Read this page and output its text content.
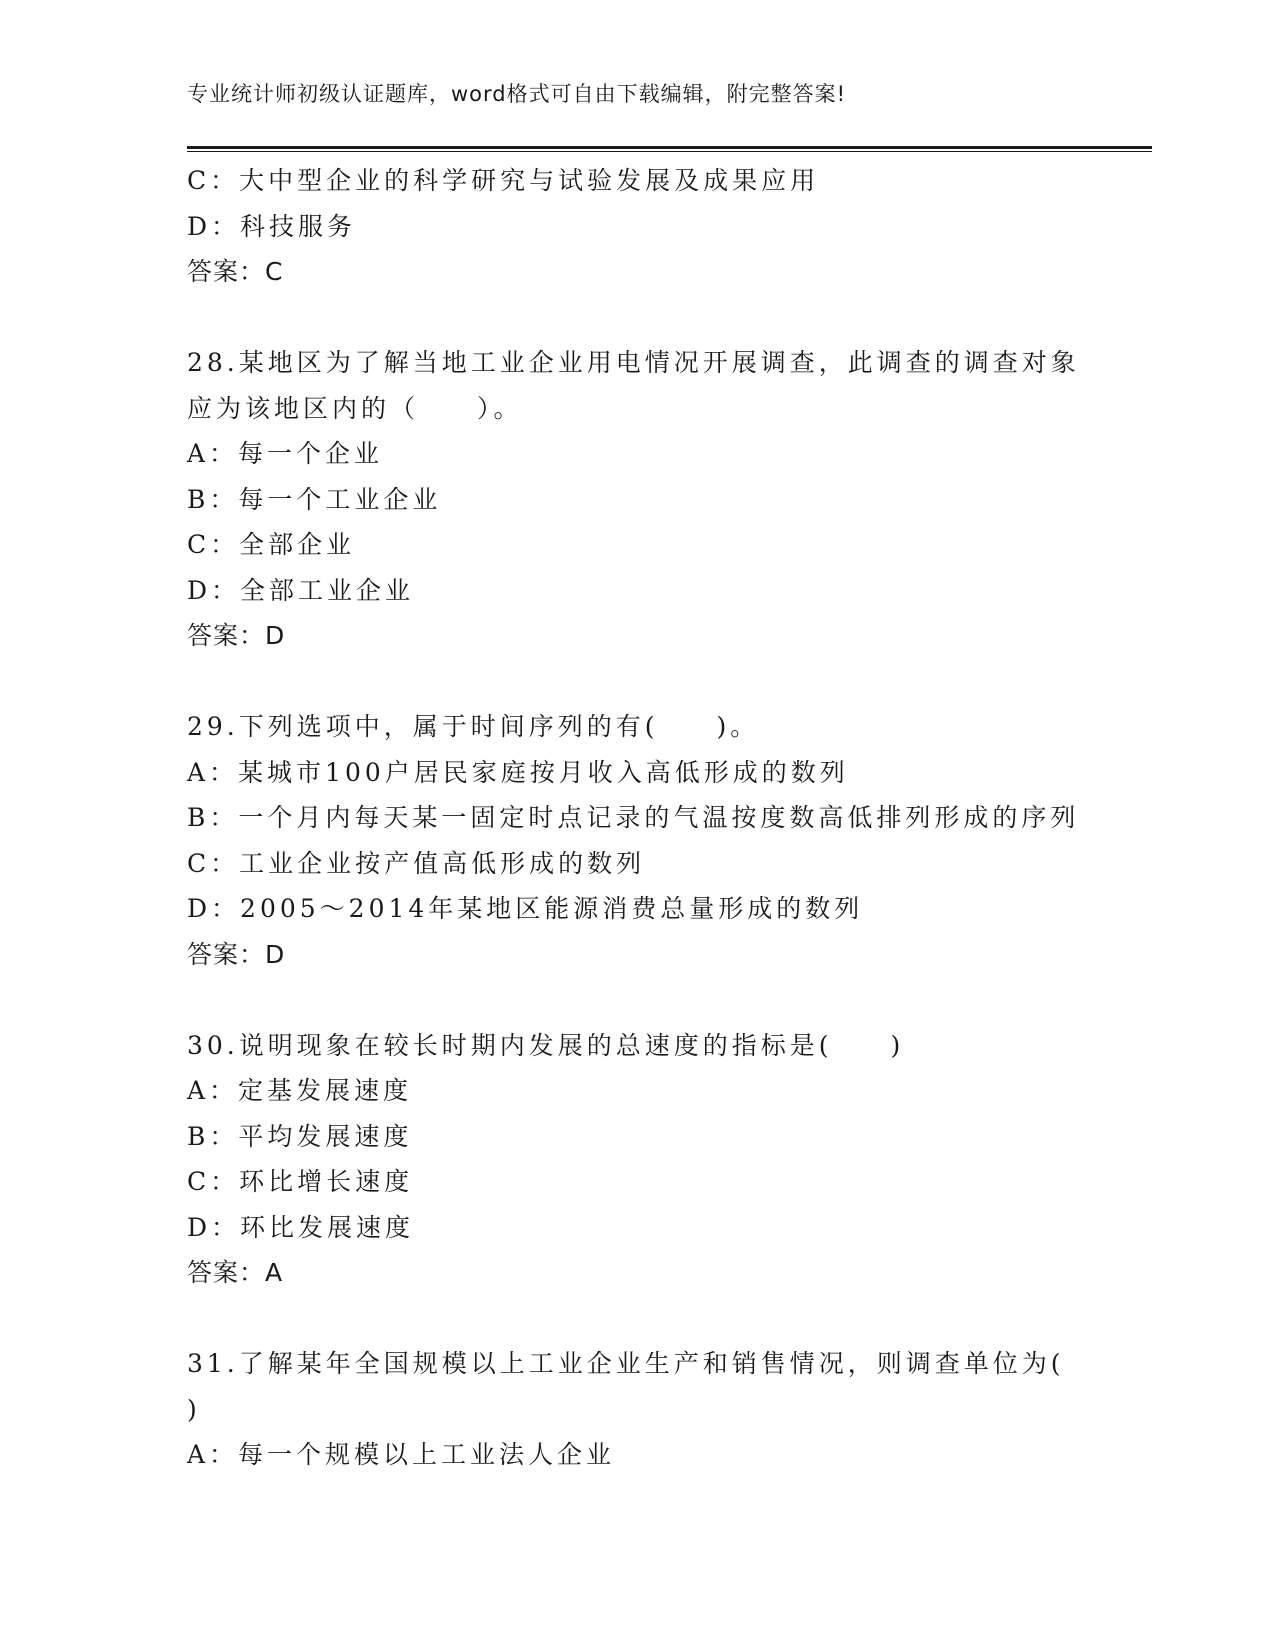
专业统计师初级认证题库，word格式可自由下载编辑，附完整答案!
C：大中型企业的科学研究与试验发展及成果应用
D：科技服务
答案：C
28.某地区为了解当地工业企业用电情况开展调查，此调查的调查对象
应为该地区内的（　　）。
A：每一个企业
B：每一个工业企业
C：全部企业
D：全部工业企业
答案：D
29.下列选项中，属于时间序列的有(　　)。
A：某城市100户居民家庭按月收入高低形成的数列
B：一个月内每天某一固定时点记录的气温按度数高低排列形成的序列
C：工业企业按产值高低形成的数列
D：2005～2014年某地区能源消费总量形成的数列
答案：D
30.说明现象在较长时期内发展的总速度的指标是(　　)
A：定基发展速度
B：平均发展速度
C：环比增长速度
D：环比发展速度
答案：A
31.了解某年全国规模以上工业企业生产和销售情况，则调查单位为(
)
A：每一个规模以上工业法人企业
